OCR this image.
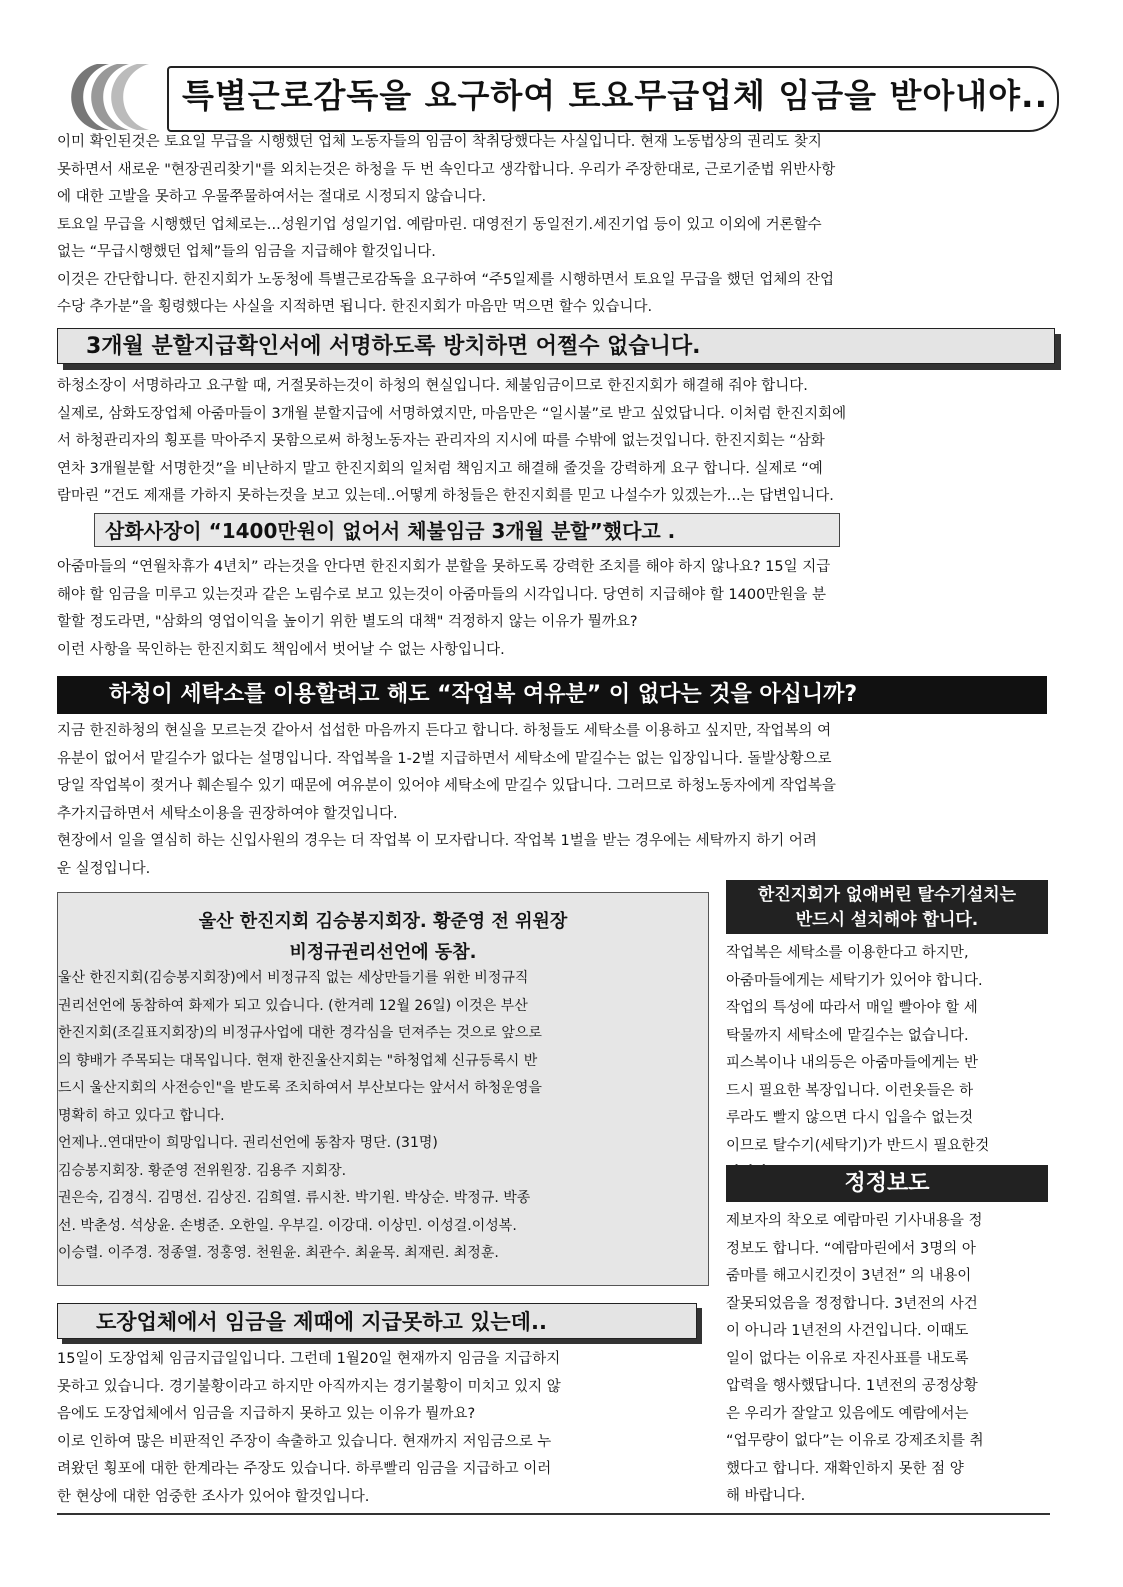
특별근로감독을 요구하여 토요무급업체 임금을 받아내야..
이미 확인된것은 토요일 무급을 시행했던 업체 노동자들의 임금이 착취당했다는 사실입니다. 현재 노동법상의 권리도 찾지
못하면서 새로운 "현장권리찾기"를 외치는것은 하청을 두 번 속인다고 생각합니다. 우리가 주장한대로, 근로기준법 위반사항
에 대한 고발을 못하고 우물쭈물하여서는 절대로 시정되지 않습니다.
토요일 무급을 시행했던 업체로는...성원기업 성일기업. 예람마린. 대영전기 동일전기.세진기업 등이 있고 이외에 거론할수
없는 “무급시행했던 업체”들의 임금을 지급해야 할것입니다.
이것은 간단합니다. 한진지회가 노동청에 특별근로감독을 요구하여 “주5일제를 시행하면서 토요일 무급을 했던 업체의 잔업
수당 추가분”을 횡령했다는 사실을 지적하면 됩니다. 한진지회가 마음만 먹으면 할수 있습니다.
3개월 분할지급확인서에 서명하도록 방치하면 어쩔수 없습니다.
하청소장이 서명하라고 요구할 때, 거절못하는것이 하청의 현실입니다. 체불임금이므로 한진지회가 해결해 줘야 합니다.
실제로, 삼화도장업체 아줌마들이 3개월 분할지급에 서명하였지만, 마음만은 “일시불”로 받고 싶었답니다. 이처럼 한진지회에
서 하청관리자의 횡포를 막아주지 못함으로써 하청노동자는 관리자의 지시에 따를 수밖에 없는것입니다. 한진지회는 “삼화
연차 3개월분할 서명한것”을 비난하지 말고 한진지회의 일처럼 책임지고 해결해 줄것을 강력하게 요구 합니다. 실제로 “예
람마린 ”건도 제재를 가하지 못하는것을 보고 있는데..어떻게 하청들은 한진지회를 믿고 나설수가 있겠는가...는 답변입니다.
삼화사장이 “1400만원이 없어서 체불임금 3개월 분할”했다고 .
아줌마들의 “연월차휴가 4년치” 라는것을 안다면 한진지회가 분할을 못하도록 강력한 조치를 해야 하지 않나요? 15일 지급
해야 할 임금을 미루고 있는것과 같은 노림수로 보고 있는것이 아줌마들의 시각입니다. 당연히 지급해야 할 1400만원을 분
할할 정도라면, "삼화의 영업이익을 높이기 위한 별도의 대책" 걱정하지 않는 이유가 뭘까요?
이런 사항을 묵인하는 한진지회도 책임에서 벗어날 수 없는 사항입니다.
하청이 세탁소를 이용할려고 해도 “작업복 여유분” 이 없다는 것을 아십니까?
지금 한진하청의 현실을 모르는것 같아서 섭섭한 마음까지 든다고 합니다. 하청들도 세탁소를 이용하고 싶지만, 작업복의 여
유분이 없어서 맡길수가 없다는 설명입니다. 작업복을 1-2벌 지급하면서 세탁소에 맡길수는 없는 입장입니다. 돌발상황으로
당일 작업복이 젖거나 훼손될수 있기 때문에 여유분이 있어야 세탁소에 맏길수 있답니다. 그러므로 하청노동자에게 작업복을
추가지급하면서 세탁소이용을 권장하여야 할것입니다.
현장에서 일을 열심히 하는 신입사원의 경우는 더 작업복 이 모자랍니다. 작업복 1벌을 받는 경우에는 세탁까지 하기 어려
운 실정입니다.
울산 한진지회 김승봉지회장. 황준영 전 위원장
비정규권리선언에 동참.
울산 한진지회(김승봉지회장)에서 비정규직 없는 세상만들기를 위한 비정규직
권리선언에 동참하여 화제가 되고 있습니다. (한겨레 12월 26일) 이것은 부산
한진지회(조길표지회장)의 비정규사업에 대한 경각심을 던져주는 것으로 앞으로
의 향배가 주목되는 대목입니다. 현재 한진울산지회는 "하청업체 신규등록시 반
드시 울산지회의 사전승인"을 받도록 조치하여서 부산보다는 앞서서 하청운영을
명확히 하고 있다고 합니다.
언제나..연대만이 희망입니다. 권리선언에 동참자 명단. (31명)
김승봉지회장. 황준영 전위원장. 김용주 지회장.
권은숙, 김경식. 김명선. 김상진. 김희열. 류시찬. 박기원. 박상순. 박정규. 박종
선. 박춘성. 석상윤. 손병준. 오한일. 우부길. 이강대. 이상민. 이성걸.이성복.
이승렬. 이주경. 정종열. 정홍영. 천원윤. 최관수. 최윤목. 최재린. 최정훈.
한진지회가 없애버린 탈수기설치는
반드시 설치해야 합니다.
작업복은 세탁소를 이용한다고 하지만,
아줌마들에게는 세탁기가 있어야 합니다.
작업의 특성에 따라서 매일 빨아야 할 세
탁물까지 세탁소에 맡길수는 없습니다.
피스복이나 내의등은 아줌마들에게는 반
드시 필요한 복장입니다. 이런옷들은 하
루라도 빨지 않으면 다시 입을수 없는것
이므로 탈수기(세탁기)가 반드시 필요한것
정정보도
제보자의 착오로 예람마린 기사내용을 정
정보도 합니다. “예람마린에서 3명의 아
줌마를 해고시킨것이 3년전” 의 내용이
잘못되었음을 정정합니다. 3년전의 사건
이 아니라 1년전의 사건입니다. 이때도
일이 없다는 이유로 자진사표를 내도록
압력을 행사했답니다. 1년전의 공정상황
은 우리가 잘알고 있음에도 예람에서는
“업무량이 없다”는 이유로 강제조치를 취
했다고 합니다. 재확인하지 못한 점 양
해 바랍니다.
도장업체에서 임금을 제때에 지급못하고 있는데..
15일이 도장업체 임금지급일입니다. 그런데 1월20일 현재까지 임금을 지급하지
못하고 있습니다. 경기불황이라고 하지만 아직까지는 경기불황이 미치고 있지 않
음에도 도장업체에서 임금을 지급하지 못하고 있는 이유가 뭘까요?
이로 인하여 많은 비판적인 주장이 속출하고 있습니다. 현재까지 저임금으로 누
려왔던 횡포에 대한 한계라는 주장도 있습니다. 하루빨리 임금을 지급하고 이러
한 현상에 대한 엄중한 조사가 있어야 할것입니다.
